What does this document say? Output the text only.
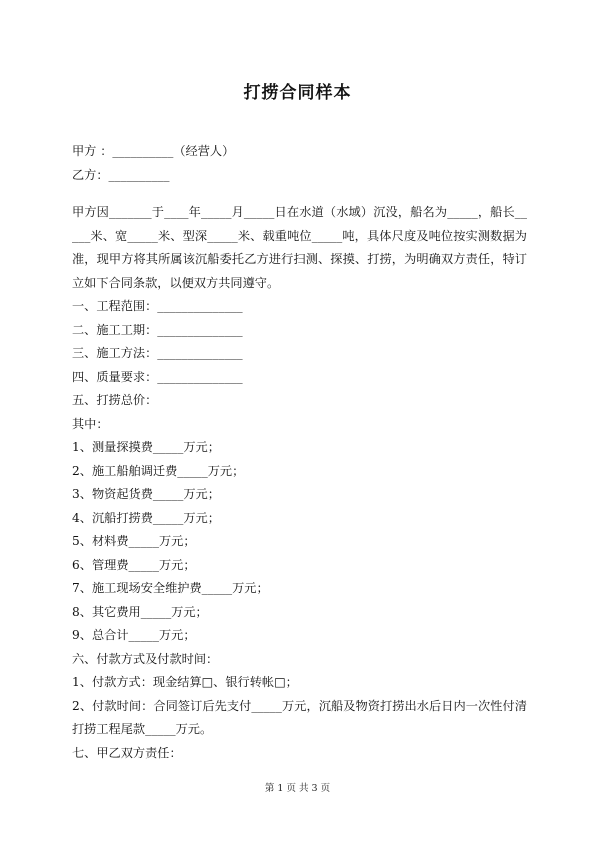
打捞合同样本
甲方 ：__________（经营人）
乙方：__________
甲方因_______于____年_____月_____日在水道（水域）沉没，船名为_____，船长_____米、宽_____米、型深_____米、载重吨位_____吨，具体尺度及吨位按实测数据为准，现甲方将其所属该沉船委托乙方进行扫测、探摸、打捞，为明确双方责任，特订立如下合同条款，以便双方共同遵守。
一、工程范围：______________
二、施工工期：______________
三、施工方法：______________
四、质量要求：______________
五、打捞总价：
其中：
1、测量探摸费_____万元；
2、施工船舶调迁费_____万元；
3、物资起货费_____万元；
4、沉船打捞费_____万元；
5、材料费_____万元；
6、管理费_____万元；
7、施工现场安全维护费_____万元；
8、其它费用_____万元；
9、总合计_____万元；
六、付款方式及付款时间：
1、付款方式：现金结算□、银行转帐□；
2、付款时间：合同签订后先支付_____万元，沉船及物资打捞出水后日内一次性付清打捞工程尾款_____万元。
七、甲乙双方责任：
第 1 页 共 3 页
